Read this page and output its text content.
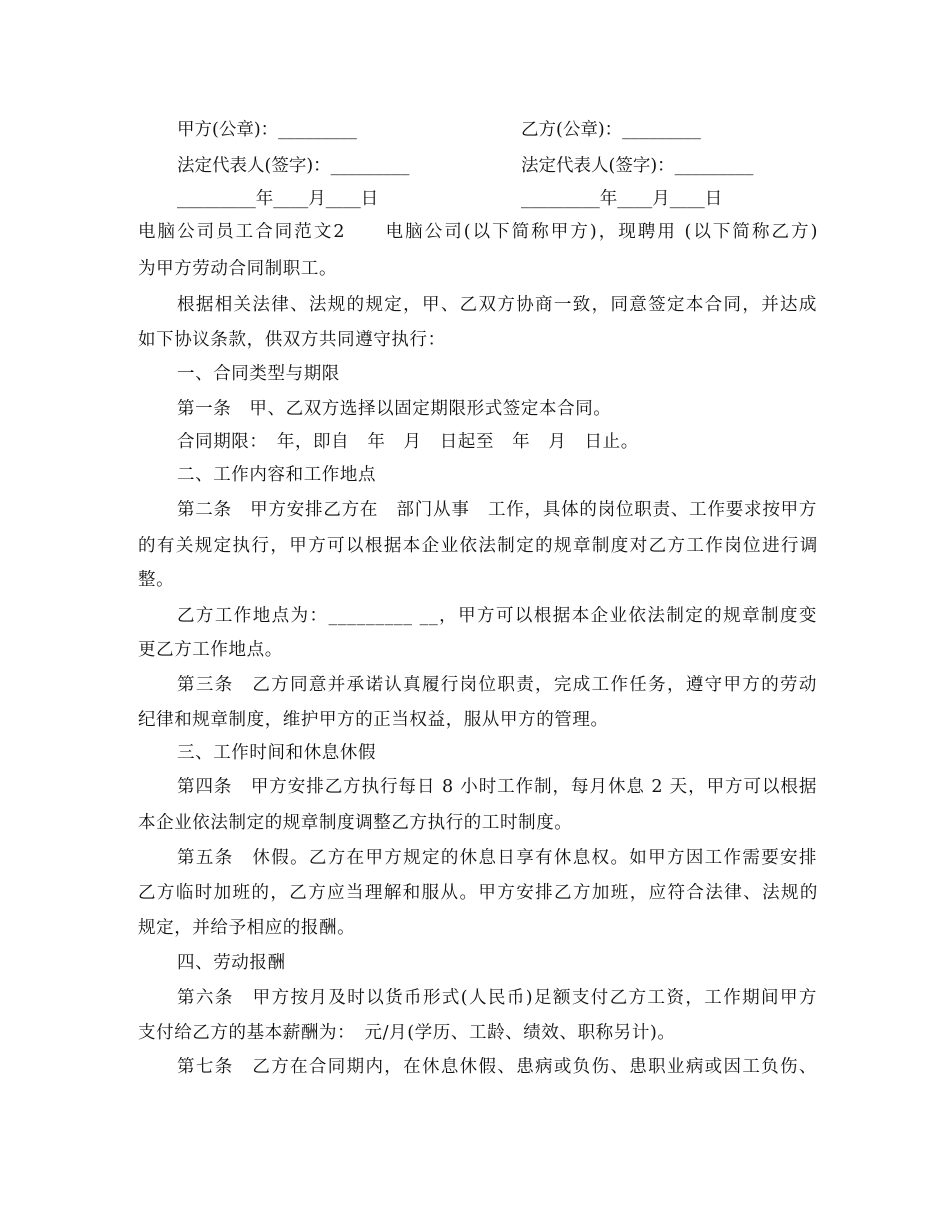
甲方(公章)：_________	乙方(公章)：_________
法定代表人(签字)：_________	法定代表人(签字)：_________
_________年____月____日	_________年____月____日
电脑公司员工合同范文2　　电脑公司(以下简称甲方)，现聘用 (以下简称乙方)
为甲方劳动合同制职工。
根据相关法律、法规的规定，甲、乙双方协商一致，同意签定本合同，并达成
如下协议条款，供双方共同遵守执行：
一、合同类型与期限
第一条　甲、乙双方选择以固定期限形式签定本合同。
合同期限：　年，即自　年　月　日起至　年　月　日止。
二、工作内容和工作地点
第二条　甲方安排乙方在　部门从事　工作，具体的岗位职责、工作要求按甲方
的有关规定执行，甲方可以根据本企业依法制定的规章制度对乙方工作岗位进行调
整。
乙方工作地点为：_________ __，甲方可以根据本企业依法制定的规章制度变
更乙方工作地点。
第三条　乙方同意并承诺认真履行岗位职责，完成工作任务，遵守甲方的劳动
纪律和规章制度，维护甲方的正当权益，服从甲方的管理。
三、工作时间和休息休假
第四条　甲方安排乙方执行每日 8 小时工作制，每月休息 2 天，甲方可以根据
本企业依法制定的规章制度调整乙方执行的工时制度。
第五条　休假。乙方在甲方规定的休息日享有休息权。如甲方因工作需要安排
乙方临时加班的，乙方应当理解和服从。甲方安排乙方加班，应符合法律、法规的
规定，并给予相应的报酬。
四、劳动报酬
第六条　甲方按月及时以货币形式(人民币)足额支付乙方工资，工作期间甲方
支付给乙方的基本薪酬为：　元/月(学历、工龄、绩效、职称另计)。
第七条　乙方在合同期内，在休息休假、患病或负伤、患职业病或因工负伤、
